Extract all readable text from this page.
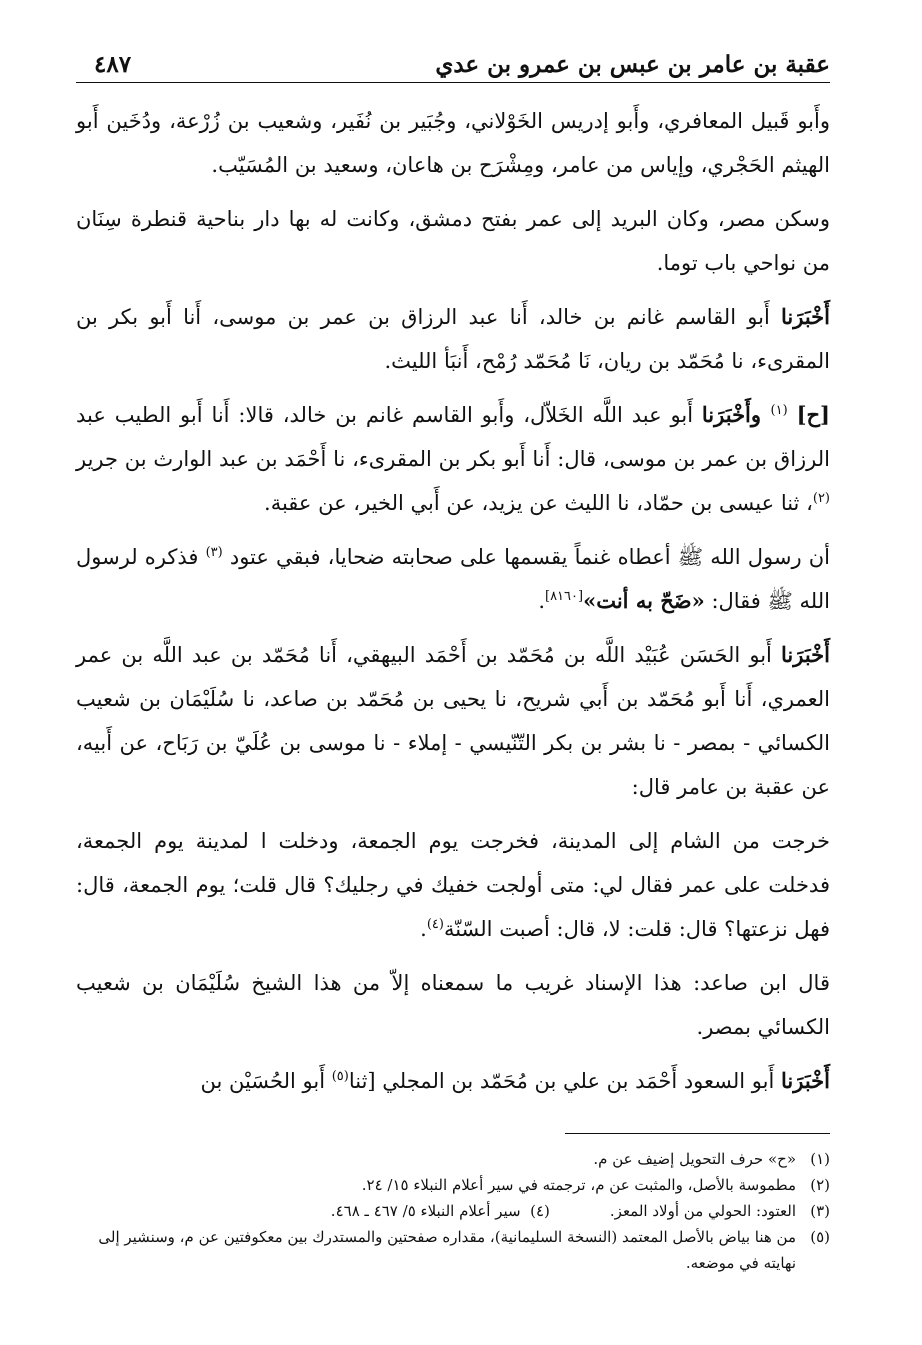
عقبة بن عامر بن عبس بن عمرو بن عدي
٤٨٧

وأَبو قَبيل المعافري، وأَبو إدريس الخَوْلاني، وجُبَير بن نُفَير، وشعيب بن زُرْعة، ودُخَين أَبو الهيثم الحَجْري، وإياس من عامر، ومِشْرَح بن هاعان، وسعيد بن المُسَيّب.

وسكن مصر، وكان البريد إلى عمر بفتح دمشق، وكانت له بها دار بناحية قنطرة سِنَان من نواحي باب توما.

أَخْبَرَنا أَبو القاسم غانم بن خالد، أَنا عبد الرزاق بن عمر بن موسى، أَنا أَبو بكر بن المقرىء، نا مُحَمّد بن ريان، نَا مُحَمّد رُمْح، أَنبَأ الليث.

[ح] $^{(١)}$ وأَخْبَرَنا أَبو عبد اللَّه الخَلاّل، وأَبو القاسم غانم بن خالد، قالا: أَنا أَبو الطيب عبد الرزاق بن عمر بن موسى، قال: أَنا أَبو بكر بن المقرىء، نا أَحْمَد بن عبد الوارث بن جرير $^{(٢)}$، ثنا عيسى بن حمّاد، نا الليث عن يزيد، عن أَبي الخير، عن عقبة.

أن رسول الله ﷺ أعطاه غنماً يقسمها على صحابته ضحايا، فبقي عتود $^{(٣)}$ فذكره لرسول الله ﷺ فقال: «ضَحّ به أنت»[٨١٦٠].

أَخْبَرَنا أَبو الحَسَن عُبَيْد اللَّه بن مُحَمّد بن أَحْمَد البيهقي، أَنا مُحَمّد بن عبد اللَّه بن عمر العمري، أَنا أَبو مُحَمّد بن أَبي شريح، نا يحيى بن مُحَمّد بن صاعد، نا سُلَيْمَان بن شعيب الكسائي - بمصر - نا بشر بن بكر التّنّيسي - إملاء - نا موسى بن عُلَيّ بن رَبَاح، عن أَبيه، عن عقبة بن عامر قال:

خرجت من الشام إلى المدينة، فخرجت يوم الجمعة، ودخلت ا لمدينة يوم الجمعة، فدخلت على عمر فقال لي: متى أولجت خفيك في رجليك؟ قال قلت؛ يوم الجمعة، قال: فهل نزعتها؟ قال: قلت: لا، قال: أصبت السّنّة$^{(٤)}$.

قال ابن صاعد: هذا الإسناد غريب ما سمعناه إلاّ من هذا الشيخ سُلَيْمَان بن شعيب الكسائي بمصر.

أَخْبَرَنا أَبو السعود أَحْمَد بن علي بن مُحَمّد بن المجلي [ثنا$^{(٥)}$ أَبو الحُسَيْن بن

(١)
«ح» حرف التحويل إضيف عن م.
(٢)
مطموسة بالأصل، والمثبت عن م، ترجمته في سير أعلام النبلاء ١٥/ ٢٤.
(٣)
العتود: الحولي من أولاد المعز.(٤)  سير أعلام النبلاء ٥/ ٤٦٧ ـ ٤٦٨.
(٥)
من هنا بياض بالأصل المعتمد (النسخة السليمانية)، مقداره صفحتين والمستدرك بين معكوفتين عن م، وسنشير إلى نهايته في موضعه.
